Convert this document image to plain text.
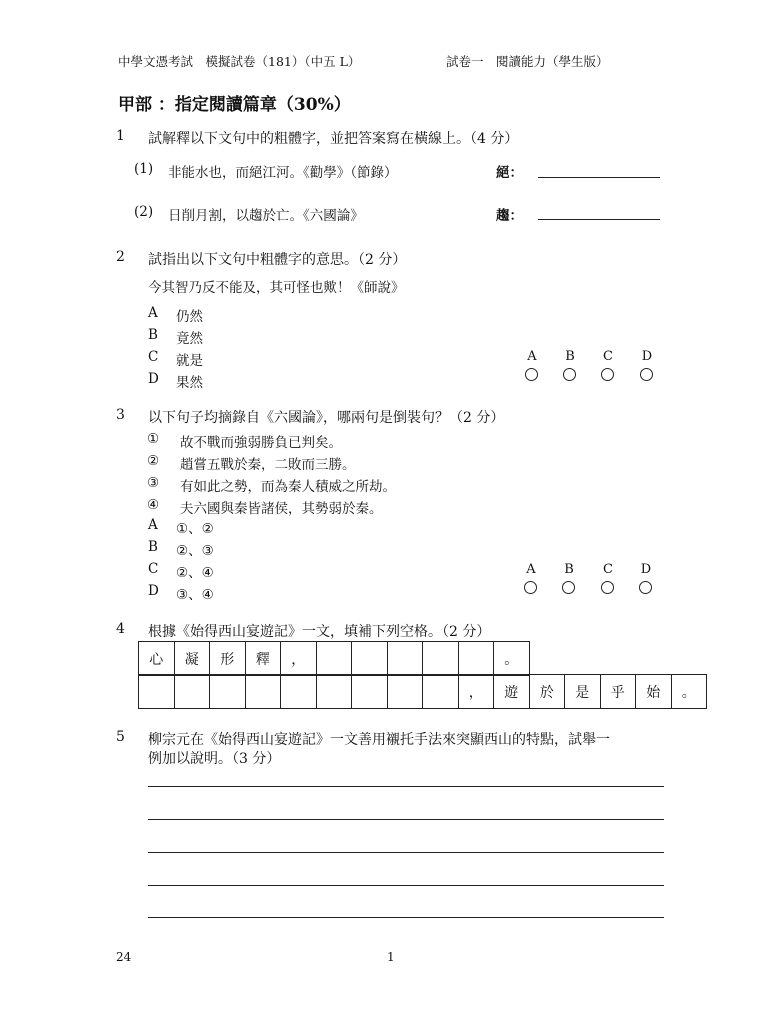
中學文憑考試　模擬試卷（181）（中五 L）	試卷一　閱讀能力（學生版）
甲部 ：指定閱讀篇章（30%）
1 試解釋以下文句中的粗體字，並把答案寫在橫線上。（4 分）
(1) 非能水也，而絕江河。《勸學》（節錄）	絕：
(2) 日削月割，以趨於亡。《六國論》	趨：
2 試指出以下文句中粗體字的意思。（2 分）
今其智乃反不能及，其可怪也歟！《師說》
A 仍然
B 竟然
C 就是
D 果然
A	B	C	D
3 以下句子均摘錄自《六國論》，哪兩句是倒裝句？（2 分）
① 故不戰而強弱勝負已判矣。
② 趙嘗五戰於秦，二敗而三勝。
③ 有如此之勢，而為秦人積威之所劫。
④ 夫六國與秦皆諸侯，其勢弱於秦。
A ①、②
B ②、③
C ②、④
D ③、④
A	B	C	D
4 根據《始得西山宴遊記》一文，填補下列空格。（2 分）
心	凝	形	釋	，						。
									，	遊	於	是	乎	始	。
5 柳宗元在《始得西山宴遊記》一文善用襯托手法來突顯西山的特點，試舉一
例加以說明。（3 分）
24	1
